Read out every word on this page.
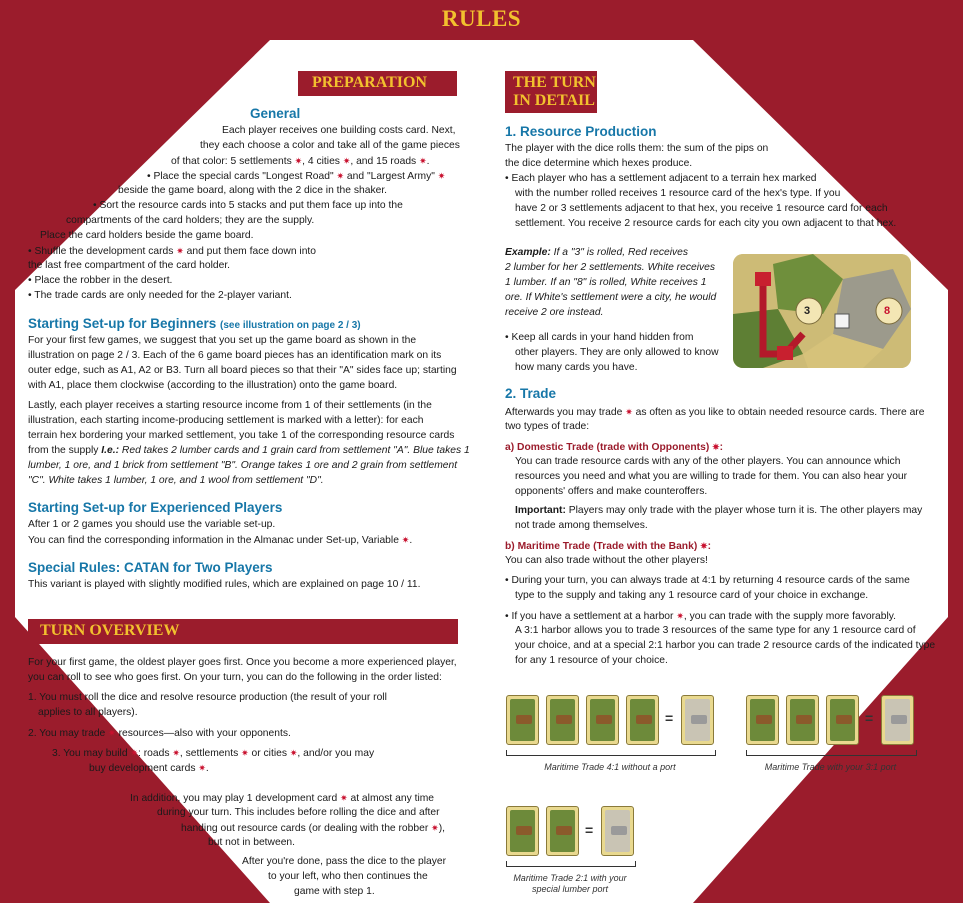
RULES
PREPARATION
General
Each player receives one building costs card. Next,
they each choose a color and take all of the game pieces
of that color: 5 settlements ✷, 4 cities ✷, and 15 roads ✷.
• Place the special cards "Longest Road" ✷ and "Largest Army" ✷
beside the game board, along with the 2 dice in the shaker.
• Sort the resource cards into 5 stacks and put them face up into the
compartments of the card holders; they are the supply.
Place the card holders beside the game board.
• Shuffle the development cards ✷ and put them face down into
the last free compartment of the card holder.
• Place the robber in the desert.
• The trade cards are only needed for the 2-player variant.
Starting Set-up for Beginners (see illustration on page 2 / 3)
For your first few games, we suggest that you set up the game board as shown in the
illustration on page 2 / 3. Each of the 6 game board pieces has an identification mark on its
outer edge, such as A1, A2 or B3. Turn all board pieces so that their "A" sides face up; starting
with A1, place them clockwise (according to the illustration) onto the game board.
Lastly, each player receives a starting resource income from 1 of their settlements (in the
illustration, each starting income-producing settlement is marked with a letter): for each
terrain hex bordering your marked settlement, you take 1 of the corresponding resource cards
from the supply I.e.: Red takes 2 lumber cards and 1 grain card from settlement "A". Blue takes 1
lumber, 1 ore, and 1 brick from settlement "B". Orange takes 1 ore and 2 grain from settlement
"C". White takes 1 lumber, 1 ore, and 1 wool from settlement "D".
Starting Set-up for Experienced Players
After 1 or 2 games you should use the variable set-up.
You can find the corresponding information in the Almanac under Set-up, Variable ✷.
Special Rules: CATAN for Two Players
This variant is played with slightly modified rules, which are explained on page 10 / 11.
TURN OVERVIEW
For your first game, the oldest player goes first. Once you become a more experienced player,
you can roll to see who goes first. On your turn, you can do the following in the order listed:
1. You must roll the dice and resolve resource production (the result of your roll
applies to all players).
2. You may trade ✷ resources—also with your opponents.
3. You may build ✷: roads ✷, settlements ✷ or cities ✷, and/or you may
buy development cards ✷.
In addition, you may play 1 development card ✷ at almost any time
during your turn. This includes before rolling the dice and after
handing out resource cards (or dealing with the robber ✷),
but not in between.
After you're done, pass the dice to the player
to your left, who then continues the
game with step 1.
THE TURN
IN DETAIL
1. Resource Production
The player with the dice rolls them: the sum of the pips on
the dice determine which hexes produce.
• Each player who has a settlement adjacent to a terrain hex marked
with the number rolled receives 1 resource card of the hex's type. If you
have 2 or 3 settlements adjacent to that hex, you receive 1 resource card for each
settlement. You receive 2 resource cards for each city you own adjacent to that hex.
Example: If a "3" is rolled, Red receives
2 lumber for her 2 settlements. White receives
1 lumber. If an "8" is rolled, White receives 1
ore. If White's settlement were a city, he would
receive 2 ore instead.	3	8
• Keep all cards in your hand hidden from
other players. They are only allowed to know
how many cards you have.
2. Trade
Afterwards you may trade ✷ as often as you like to obtain needed resource cards. There are
two types of trade:
a) Domestic Trade (trade with Opponents) ✷:
You can trade resource cards with any of the other players. You can announce which
resources you need and what you are willing to trade for them. You can also hear your
opponents' offers and make counteroffers.
Important: Players may only trade with the player whose turn it is. The other players may
not trade among themselves.
b) Maritime Trade (Trade with the Bank) ✷:
You can also trade without the other players!
• During your turn, you can always trade at 4:1 by returning 4 resource cards of the same
type to the supply and taking any 1 resource card of your choice in exchange.
• If you have a settlement at a harbor ✷, you can trade with the supply more favorably.
A 3:1 harbor allows you to trade 3 resources of the same type for any 1 resource card of
your choice, and at a special 2:1 harbor you can trade 2 resource cards of the indicated type
for any 1 resource of your choice.
=
Maritime Trade 4:1 without a port
=
Maritime Trade with your 3:1 port
=
Maritime Trade 2:1 with your
special lumber port
